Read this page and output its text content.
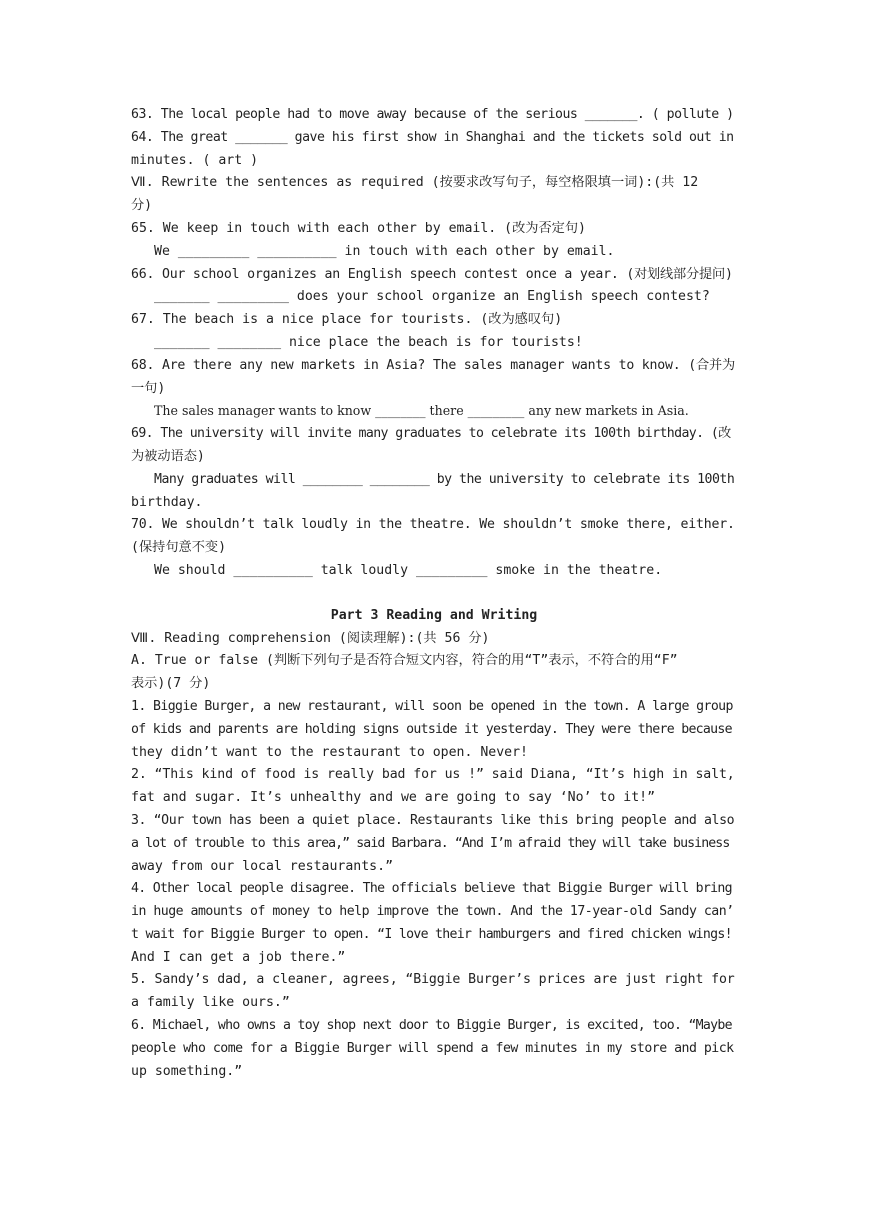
63. The local people had to move away because of the serious _______. ( pollute )
64. The great _______ gave his first show in Shanghai and the tickets sold out in
minutes. ( art )
Ⅶ. Rewrite the sentences as required (按要求改写句子，每空格限填一词):(共 12
分)
65. We keep in touch with each other by email. (改为否定句)
We _________ __________ in touch with each other by email.
66. Our school organizes an English speech contest once a year. (对划线部分提问)
_______ _________ does your school organize an English speech contest?
67. The beach is a nice place for tourists. (改为感叹句)
_______ ________ nice place the beach is for tourists!
68. Are there any new markets in Asia? The sales manager wants to know. (合并为
一句)
The sales manager wants to know ________ there _________ any new markets in Asia.
69. The university will invite many graduates to celebrate its 100th birthday. (改
为被动语态)
Many graduates will ________ ________ by the university to celebrate its 100th
birthday.
70. We shouldn’t talk loudly in the theatre. We shouldn’t smoke there, either.
(保持句意不变)
We should __________ talk loudly _________ smoke in the theatre.
Part 3 Reading and Writing
Ⅷ. Reading comprehension (阅读理解):(共 56 分)
A. True or false (判断下列句子是否符合短文内容，符合的用“T”表示，不符合的用“F”
表示)(7 分)
1. Biggie Burger, a new restaurant, will soon be opened in the town. A large group
of kids and parents are holding signs outside it yesterday. They were there because
they didn’t want to the restaurant to open. Never!
2. “This kind of food is really bad for us !” said Diana, “It’s high in salt,
fat and sugar. It’s unhealthy and we are going to say ‘No’ to it!”
3. “Our town has been a quiet place. Restaurants like this bring people and also
a lot of trouble to this area,” said Barbara. “And I’m afraid they will take business
away from our local restaurants.”
4. Other local people disagree. The officials believe that Biggie Burger will bring
in huge amounts of money to help improve the town. And the 17-year-old Sandy can’
t wait for Biggie Burger to open. “I love their hamburgers and fired chicken wings!
And I can get a job there.”
5. Sandy’s dad, a cleaner, agrees, “Biggie Burger’s prices are just right for
a family like ours.”
6. Michael, who owns a toy shop next door to Biggie Burger, is excited, too. “Maybe
people who come for a Biggie Burger will spend a few minutes in my store and pick
up something.”
